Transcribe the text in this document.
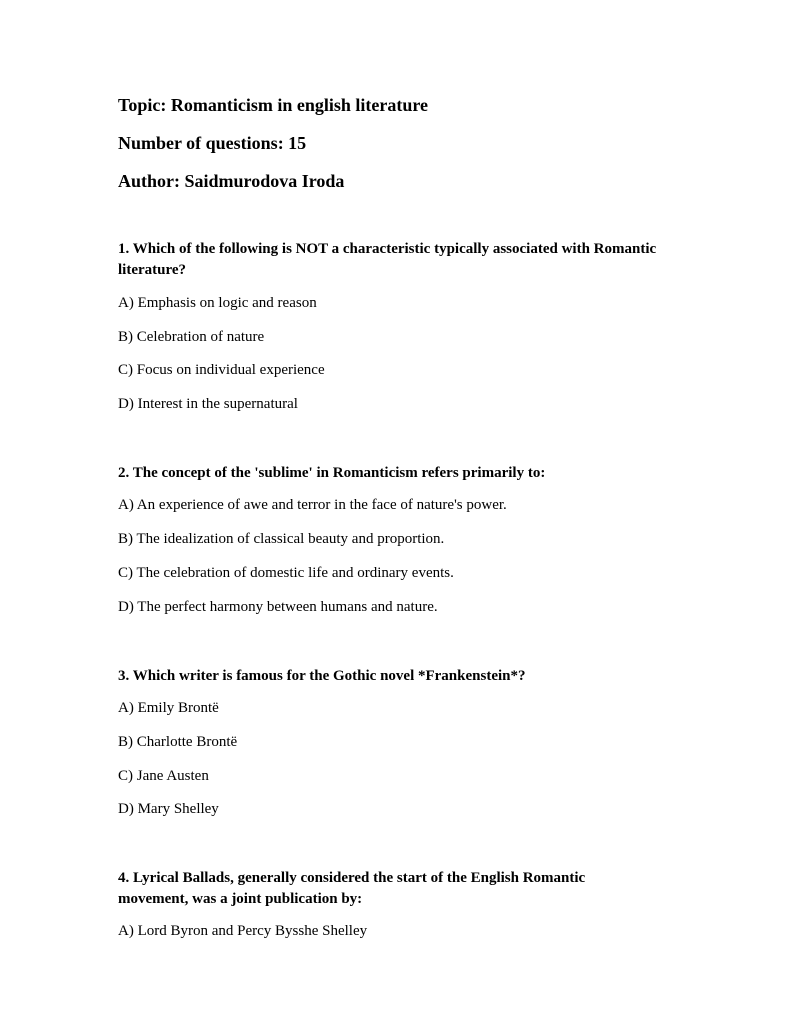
Topic: Romanticism in english literature
Number of questions: 15
Author: Saidmurodova Iroda
1. Which of the following is NOT a characteristic typically associated with Romantic literature?
A) Emphasis on logic and reason
B) Celebration of nature
C) Focus on individual experience
D) Interest in the supernatural
2. The concept of the 'sublime' in Romanticism refers primarily to:
A) An experience of awe and terror in the face of nature's power.
B) The idealization of classical beauty and proportion.
C) The celebration of domestic life and ordinary events.
D) The perfect harmony between humans and nature.
3. Which writer is famous for the Gothic novel *Frankenstein*?
A) Emily Brontë
B) Charlotte Brontë
C) Jane Austen
D) Mary Shelley
4. Lyrical Ballads, generally considered the start of the English Romantic movement, was a joint publication by:
A) Lord Byron and Percy Bysshe Shelley
